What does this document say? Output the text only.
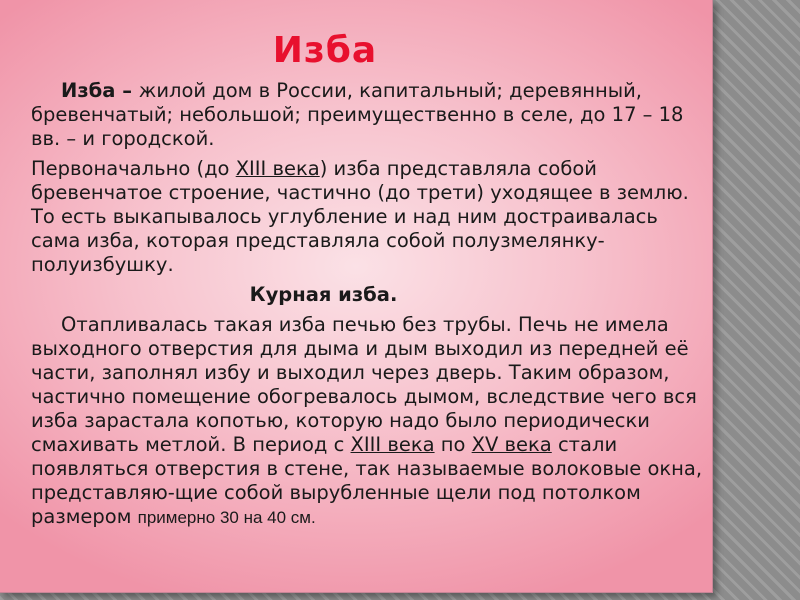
Изба

Изба – жилой дом в России, капитальный; деревянный, бревенчатый; небольшой; преимущественно в селе, до 17 – 18 вв. – и городской.

Первоначально (до XIII века) изба представляла собой бревенчатое строение, частично (до трети) уходящее в землю. То есть выкапывалось углубление и над ним достраивалась сама изба, которая представляла собой полузмелянку-полуизбушку.

Курная изба.

Отапливалась такая изба печью без трубы. Печь не имела выходного отверстия для дыма и дым выходил из передней её части, заполнял избу и выходил через дверь. Таким образом, частично помещение обогревалось дымом, вследствие чего вся изба зарастала копотью, которую надо было периодически смахивать метлой. В период с XIII века по XV века стали появляться отверстия в стене, так называемые волоковые окна, представляю-щие собой вырубленные щели под потолком размером примерно 30 на 40 см.
